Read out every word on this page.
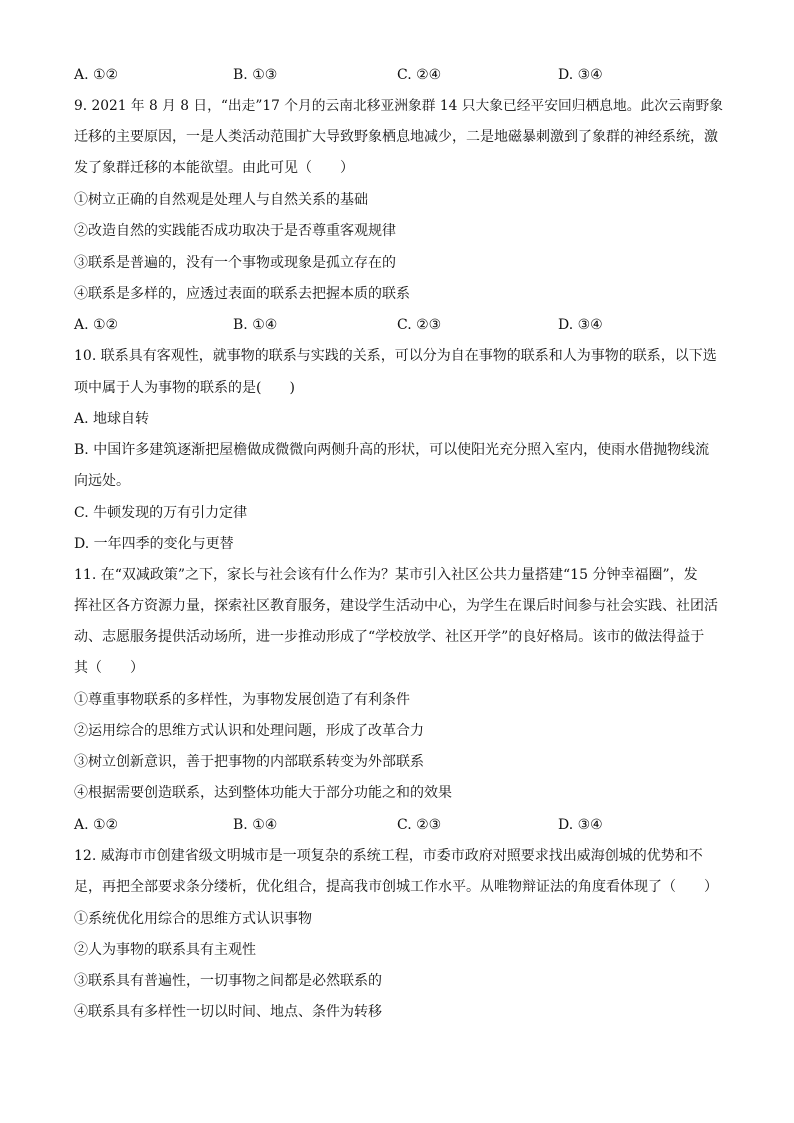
A. ①②	B. ①③	C. ②④	D. ③④
9. 2021 年 8 月 8 日，“出走”17 个月的云南北移亚洲象群 14 只大象已经平安回归栖息地。此次云南野象
迁移的主要原因，一是人类活动范围扩大导致野象栖息地减少，二是地磁暴刺激到了象群的神经系统，激
发了象群迁移的本能欲望。由此可见（　　）
①树立正确的自然观是处理人与自然关系的基础
②改造自然的实践能否成功取决于是否尊重客观规律
③联系是普遍的，没有一个事物或现象是孤立存在的
④联系是多样的，应透过表面的联系去把握本质的联系
A. ①②	B. ①④	C. ②③	D. ③④
10. 联系具有客观性，就事物的联系与实践的关系，可以分为自在事物的联系和人为事物的联系，以下选
项中属于人为事物的联系的是(　　)
A. 地球自转
B. 中国许多建筑逐渐把屋檐做成微微向两侧升高的形状，可以使阳光充分照入室内，使雨水借抛物线流
向远处。
C. 牛顿发现的万有引力定律
D. 一年四季的变化与更替
11. 在“双减政策”之下，家长与社会该有什么作为？某市引入社区公共力量搭建“15 分钟幸福圈”，发
挥社区各方资源力量，探索社区教育服务，建设学生活动中心，为学生在课后时间参与社会实践、社团活
动、志愿服务提供活动场所，进一步推动形成了“学校放学、社区开学”的良好格局。该市的做法得益于
其（　　）
①尊重事物联系的多样性，为事物发展创造了有利条件
②运用综合的思维方式认识和处理问题，形成了改革合力
③树立创新意识，善于把事物的内部联系转变为外部联系
④根据需要创造联系，达到整体功能大于部分功能之和的效果
A. ①②	B. ①④	C. ②③	D. ③④
12. 威海市市创建省级文明城市是一项复杂的系统工程，市委市政府对照要求找出威海创城的优势和不
足，再把全部要求条分缕析，优化组合，提高我市创城工作水平。从唯物辩证法的角度看体现了（　　）
①系统优化用综合的思维方式认识事物
②人为事物的联系具有主观性
③联系具有普遍性，一切事物之间都是必然联系的
④联系具有多样性一切以时间、地点、条件为转移
